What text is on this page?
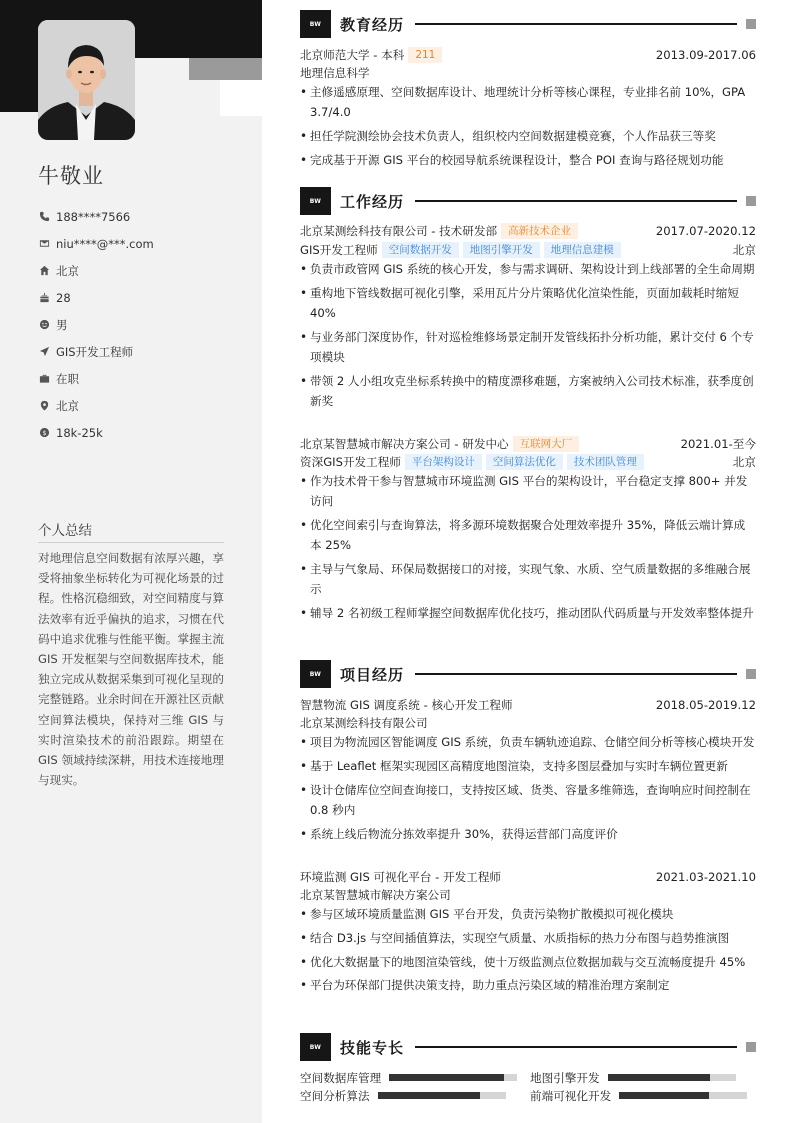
牛敬业
188****7566
niu****@***.com
北京
28
男
GIS开发工程师
在职
北京
$ 18k-25k
个人总结
对地理信息空间数据有浓厚兴趣，享受将抽象坐标转化为可视化场景的过程。性格沉稳细致，对空间精度与算法效率有近乎偏执的追求，习惯在代码中追求优雅与性能平衡。掌握主流 GIS 开发框架与空间数据库技术，能独立完成从数据采集到可视化呈现的完整链路。业余时间在开源社区贡献空间算法模块，保持对三维 GIS 与实时渲染技术的前沿跟踪。期望在 GIS 领域持续深耕，用技术连接地理与现实。
BW	教育经历
北京师范大学 - 本科	211	2013.09-2017.06
地理信息科学
• 主修遥感原理、空间数据库设计、地理统计分析等核心课程，专业排名前 10%，GPA 3.7/4.0
• 担任学院测绘协会技术负责人，组织校内空间数据建模竞赛，个人作品获三等奖
• 完成基于开源 GIS 平台的校园导航系统课程设计，整合 POI 查询与路径规划功能
BW	工作经历
北京某测绘科技有限公司 - 技术研发部	高新技术企业	2017.07-2020.12
GIS开发工程师	空间数据开发	地图引擎开发	地理信息建模	北京
• 负责市政管网 GIS 系统的核心开发，参与需求调研、架构设计到上线部署的全生命周期
• 重构地下管线数据可视化引擎，采用瓦片分片策略优化渲染性能，页面加载耗时缩短 40%
• 与业务部门深度协作，针对巡检维修场景定制开发管线拓扑分析功能，累计交付 6 个专项模块
• 带领 2 人小组攻克坐标系转换中的精度漂移难题，方案被纳入公司技术标准，获季度创新奖
北京某智慧城市解决方案公司 - 研发中心	互联网大厂	2021.01-至今
资深GIS开发工程师	平台架构设计	空间算法优化	技术团队管理	北京
• 作为技术骨干参与智慧城市环境监测 GIS 平台的架构设计，平台稳定支撑 800+ 并发访问
• 优化空间索引与查询算法，将多源环境数据聚合处理效率提升 35%，降低云端计算成本 25%
• 主导与气象局、环保局数据接口的对接，实现气象、水质、空气质量数据的多维融合展示
• 辅导 2 名初级工程师掌握空间数据库优化技巧，推动团队代码质量与开发效率整体提升
BW	项目经历
智慧物流 GIS 调度系统 - 核心开发工程师	2018.05-2019.12
北京某测绘科技有限公司
• 项目为物流园区智能调度 GIS 系统，负责车辆轨迹追踪、仓储空间分析等核心模块开发
• 基于 Leaflet 框架实现园区高精度地图渲染，支持多图层叠加与实时车辆位置更新
• 设计仓储库位空间查询接口，支持按区域、货类、容量多维筛选，查询响应时间控制在 0.8 秒内
• 系统上线后物流分拣效率提升 30%，获得运营部门高度评价
环境监测 GIS 可视化平台 - 开发工程师	2021.03-2021.10
北京某智慧城市解决方案公司
• 参与区域环境质量监测 GIS 平台开发，负责污染物扩散模拟可视化模块
• 结合 D3.js 与空间插值算法，实现空气质量、水质指标的热力分布图与趋势推演图
• 优化大数据量下的地图渲染管线，使十万级监测点位数据加载与交互流畅度提升 45%
• 平台为环保部门提供决策支持，助力重点污染区域的精准治理方案制定
BW	技能专长
空间数据库管理	地图引擎开发
空间分析算法	前端可视化开发
